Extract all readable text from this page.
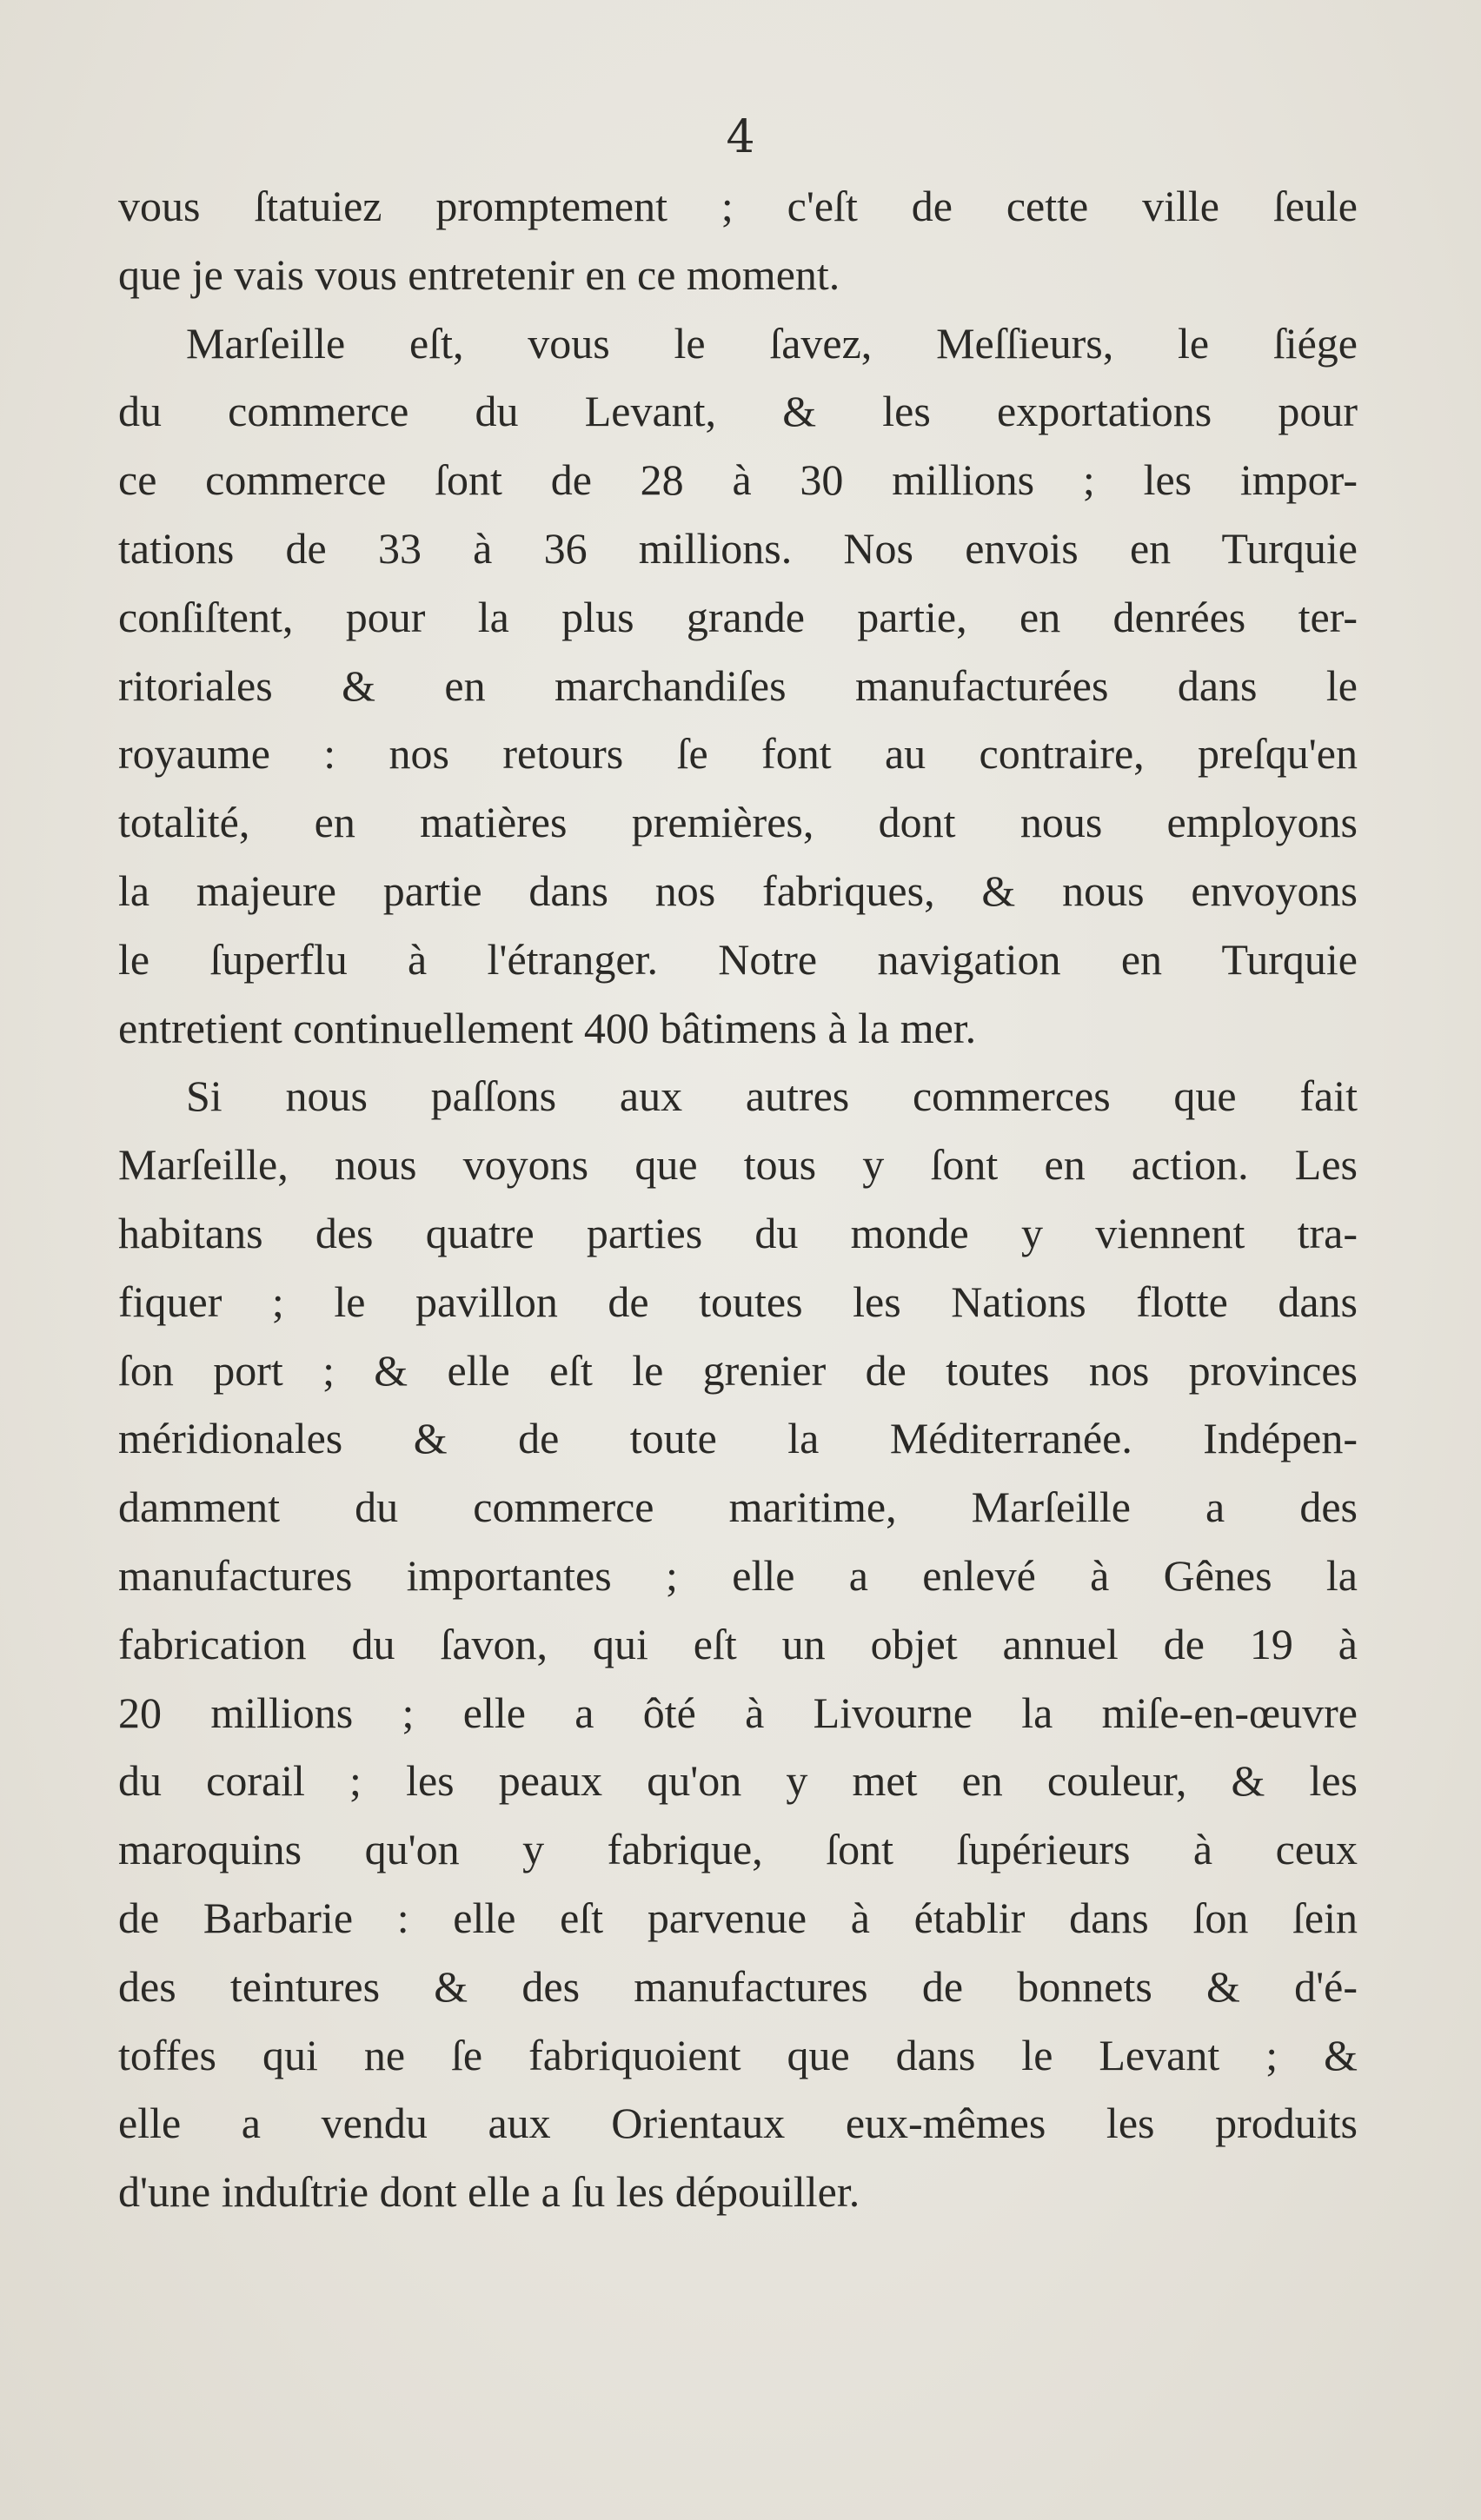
4
vous ſtatuiez promptement ; c'eſt de cette ville ſeule
que je vais vous entretenir en ce moment.
Marſeille eſt, vous le ſavez, Meſſieurs, le ſiége
du commerce du Levant, & les exportations pour
ce commerce ſont de 28 à 30 millions ; les impor-
tations de 33 à 36 millions. Nos envois en Turquie
conſiſtent, pour la plus grande partie, en denrées ter-
ritoriales & en marchandiſes manufacturées dans le
royaume : nos retours ſe font au contraire, preſqu'en
totalité, en matières premières, dont nous employons
la majeure partie dans nos fabriques, & nous envoyons
le ſuperflu à l'étranger. Notre navigation en Turquie
entretient continuellement 400 bâtimens à la mer.
Si nous paſſons aux autres commerces que fait
Marſeille, nous voyons que tous y ſont en action. Les
habitans des quatre parties du monde y viennent tra-
fiquer ; le pavillon de toutes les Nations flotte dans
ſon port ; & elle eſt le grenier de toutes nos provinces
méridionales & de toute la Méditerranée. Indépen-
damment du commerce maritime, Marſeille a des
manufactures importantes ; elle a enlevé à Gênes la
fabrication du ſavon, qui eſt un objet annuel de 19 à
20 millions ; elle a ôté à Livourne la miſe-en-œuvre
du corail ; les peaux qu'on y met en couleur, & les
maroquins qu'on y fabrique, ſont ſupérieurs à ceux
de Barbarie : elle eſt parvenue à établir dans ſon ſein
des teintures & des manufactures de bonnets & d'é-
toffes qui ne ſe fabriquoient que dans le Levant ; &
elle a vendu aux Orientaux eux-mêmes les produits
d'une induſtrie dont elle a ſu les dépouiller.
